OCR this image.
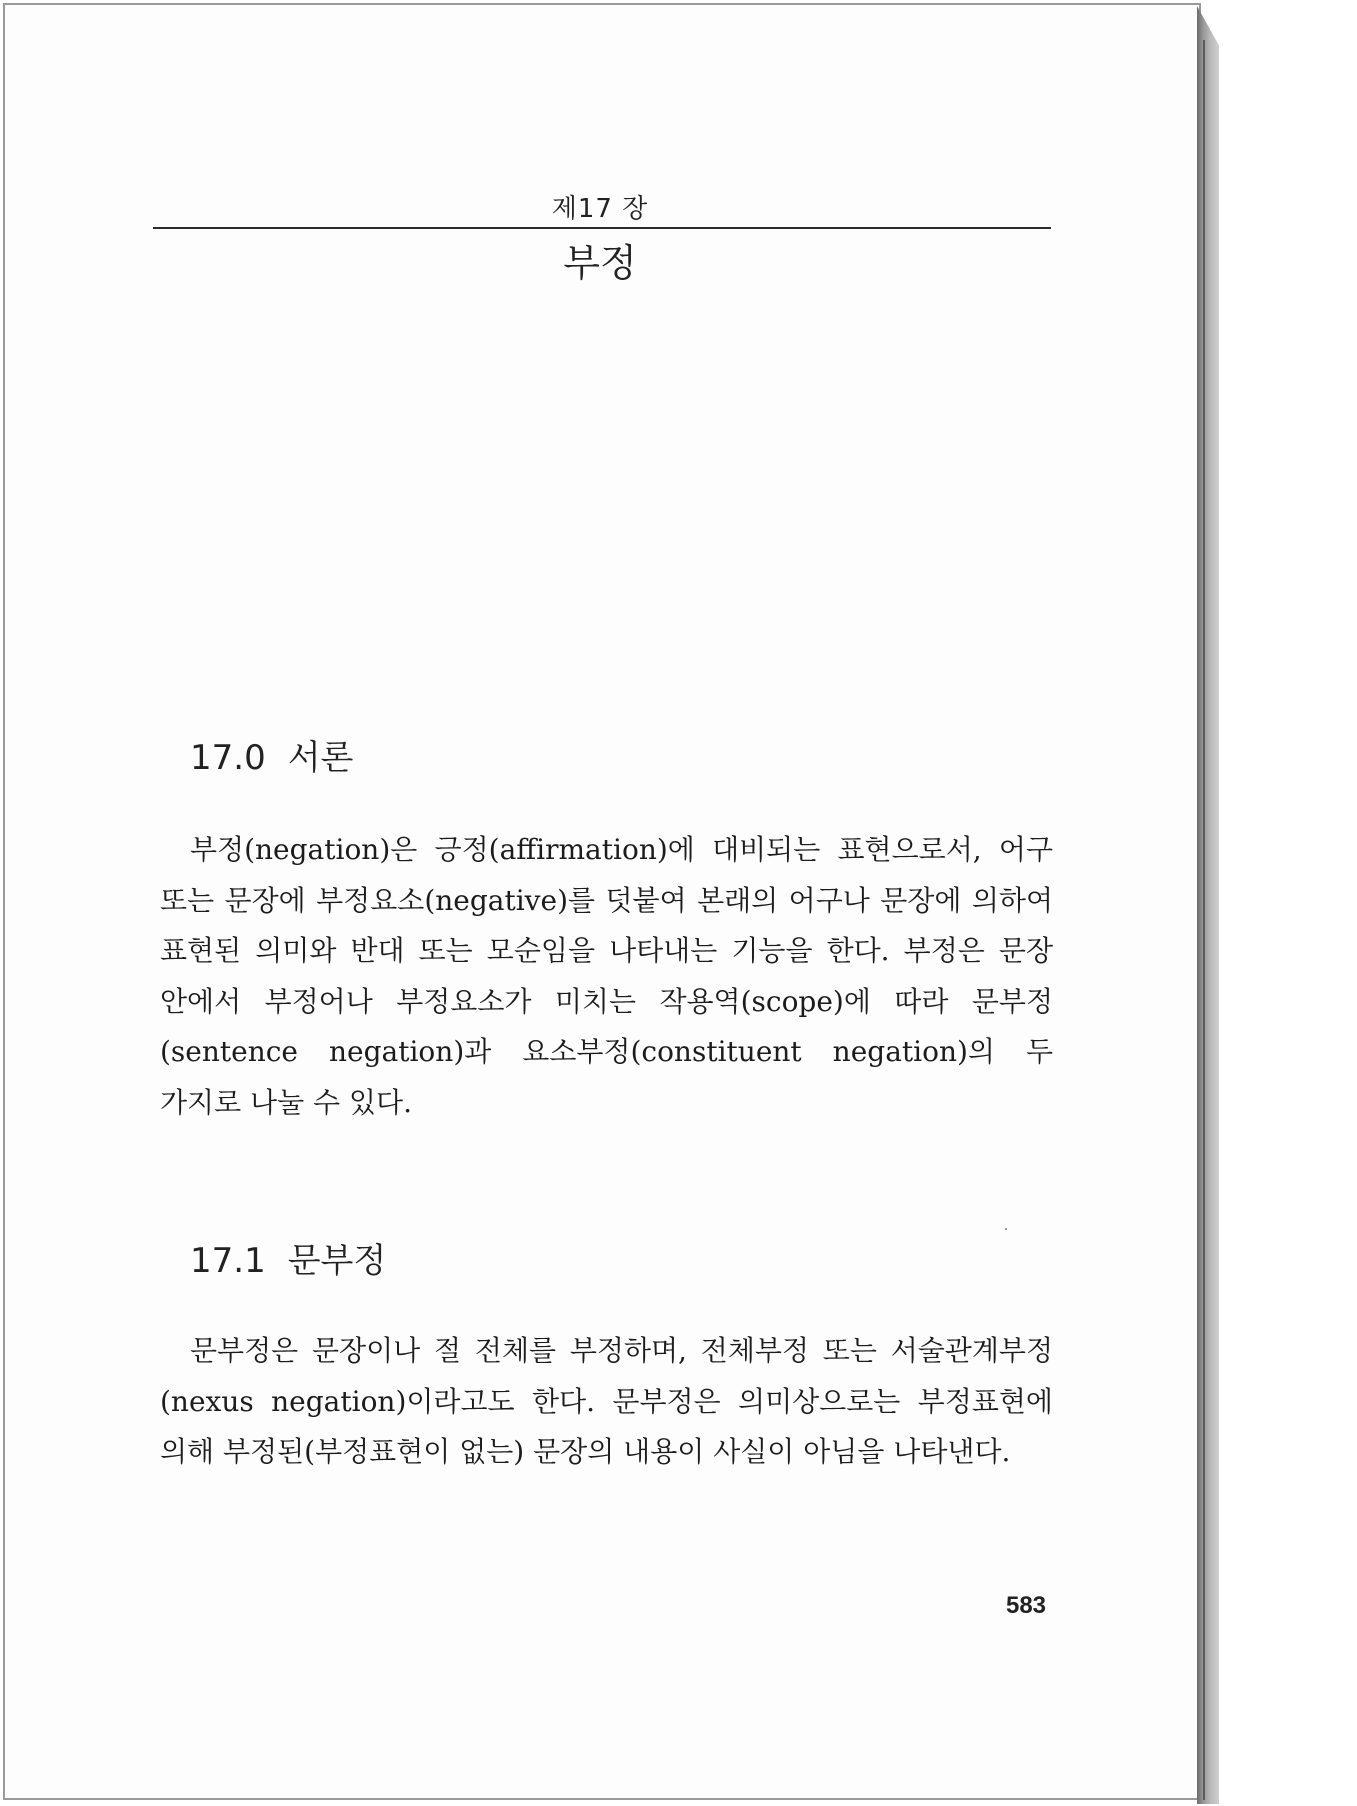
제17 장
부정
17.0 서론
부정(negation)은 긍정(affirmation)에 대비되는 표현으로서, 어구 또는 문장에 부정요소(negative)를 덧붙여 본래의 어구나 문장에 의하여 표현된 의미와 반대 또는 모순임을 나타내는 기능을 한다. 부정은 문장 안에서 부정어나 부정요소가 미치는 작용역(scope)에 따라 문부정(sentence negation)과 요소부정(constituent negation)의 두 가지로 나눌 수 있다.
17.1 문부정
문부정은 문장이나 절 전체를 부정하며, 전체부정 또는 서술관계부정(nexus negation)이라고도 한다. 문부정은 의미상으로는 부정표현에 의해 부정된(부정표현이 없는) 문장의 내용이 사실이 아님을 나타낸다.
583
